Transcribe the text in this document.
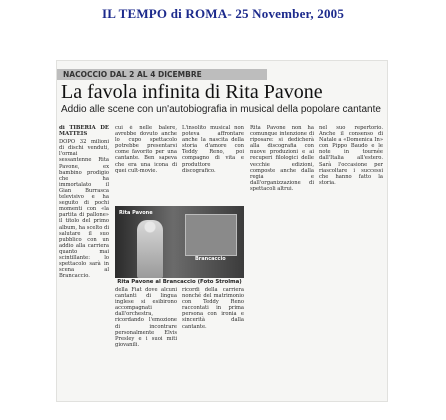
IL TEMPO di ROMA- 25 November, 2005
NACOCCIO DAL 2 AL 4 DICEMBRE
La favola infinita di Rita Pavone
Addio alle scene con un'autobiografia in musical della popolare cantante

di TIBERIA DE MATTEIS

DOPO 32 milioni di dischi venduti, l'ormai sessantenne Rita Pavone, ex bambino prodigio che ha immortalato il Gian Burrasca televisivo e ha seguito di pochi momenti con «la partita di pallone» il titolo del primo album, ha scelto di salutare il suo pubblico con un addio alla carriera quanto mai scintillante: lo spettacolo sarà in scena al Brancaccio.

cui è nelle balere, avrebbe dovuto anche lo cupo spettacolo potrebbe presentarsi come favorito per una cantante. Ben sapeva che era una icona di quei cult-movie.

L'insolito musical non poteva affrontare anche la nascita della storia d'amore con Teddy Reno, poi compagno di vita e produttore discografico.

Rita Pavone
Brancaccio
Rita Pavone al Brancaccio (Foto Strolma)

della Fiat dove alcuni cantanti di lingua inglese si esibirono accompagnati dall'orchestra, ricordando l'emozione di incontrare personalmente Elvis Presley e i suoi miti giovanili.

ricordi della carriera nonché del matrimonio con Teddy Reno raccontati in prima persona con ironia e sincerità dalla cantante.

Rita Pavone non ha comunque intenzione di riposare: si dedicherà alla discografia con nuove produzioni e ai recuperi filologici delle vecchie edizioni, composte anche dalla regia e dall'organizzazione di spettacoli altrui.

nel suo repertorio. Anche il consenso di Natale a «Domenica In» con Pippo Baudo e le note in tournée dall'Italia all'estero. Sarà l'occasione per riascoltare i successi che hanno fatto la storia.
